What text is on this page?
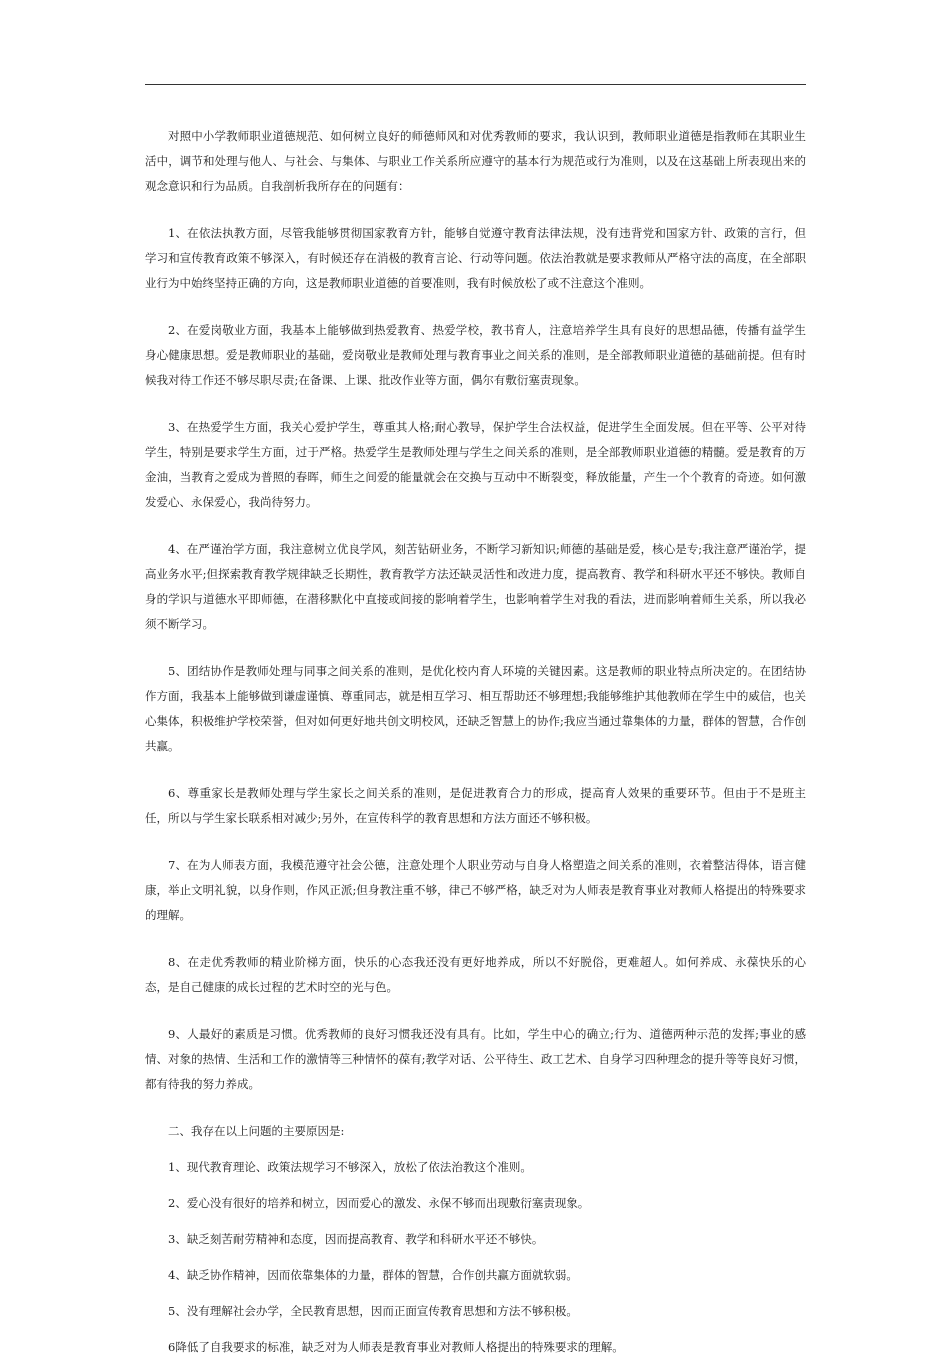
对照中小学教师职业道德规范、如何树立良好的师德师风和对优秀教师的要求，我认识到，教师职业道德是指教师在其职业生活中，调节和处理与他人、与社会、与集体、与职业工作关系所应遵守的基本行为规范或行为准则，以及在这基础上所表现出来的观念意识和行为品质。自我剖析我所存在的问题有：

1、在依法执教方面，尽管我能够贯彻国家教育方针，能够自觉遵守教育法律法规，没有违背党和国家方针、政策的言行，但学习和宣传教育政策不够深入，有时候还存在消极的教育言论、行动等问题。依法治教就是要求教师从严格守法的高度，在全部职业行为中始终坚持正确的方向，这是教师职业道德的首要准则，我有时候放松了或不注意这个准则。

2、在爱岗敬业方面，我基本上能够做到热爱教育、热爱学校，教书育人，注意培养学生具有良好的思想品德，传播有益学生身心健康思想。爱是教师职业的基础，爱岗敬业是教师处理与教育事业之间关系的准则，是全部教师职业道德的基础前提。但有时候我对待工作还不够尽职尽责;在备课、上课、批改作业等方面，偶尔有敷衍塞责现象。

3、在热爱学生方面，我关心爱护学生，尊重其人格;耐心教导，保护学生合法权益，促进学生全面发展。但在平等、公平对待学生，特别是要求学生方面，过于严格。热爱学生是教师处理与学生之间关系的准则，是全部教师职业道德的精髓。爱是教育的万金油，当教育之爱成为普照的春晖，师生之间爱的能量就会在交换与互动中不断裂变，释放能量，产生一个个教育的奇迹。如何激发爱心、永保爱心，我尚待努力。

4、在严谨治学方面，我注意树立优良学风，刻苦钻研业务，不断学习新知识;师德的基础是爱，核心是专;我注意严谨治学，提高业务水平;但探索教育教学规律缺乏长期性，教育教学方法还缺灵活性和改进力度，提高教育、教学和科研水平还不够快。教师自身的学识与道德水平即师德，在潜移默化中直接或间接的影响着学生，也影响着学生对我的看法，进而影响着师生关系，所以我必须不断学习。

5、团结协作是教师处理与同事之间关系的准则，是优化校内育人环境的关键因素。这是教师的职业特点所决定的。在团结协作方面，我基本上能够做到谦虚谨慎、尊重同志，就是相互学习、相互帮助还不够理想;我能够维护其他教师在学生中的威信，也关心集体，积极维护学校荣誉，但对如何更好地共创文明校风，还缺乏智慧上的协作;我应当通过靠集体的力量，群体的智慧，合作创共赢。

6、尊重家长是教师处理与学生家长之间关系的准则，是促进教育合力的形成，提高育人效果的重要环节。但由于不是班主任，所以与学生家长联系相对减少;另外，在宣传科学的教育思想和方法方面还不够积极。

7、在为人师表方面，我模范遵守社会公德，注意处理个人职业劳动与自身人格塑造之间关系的准则，衣着整洁得体，语言健康，举止文明礼貌，以身作则，作风正派;但身教注重不够，律己不够严格，缺乏对为人师表是教育事业对教师人格提出的特殊要求的理解。

8、在走优秀教师的精业阶梯方面，快乐的心态我还没有更好地养成，所以不好脱俗，更难超人。如何养成、永葆快乐的心态，是自己健康的成长过程的艺术时空的光与色。

9、人最好的素质是习惯。优秀教师的良好习惯我还没有具有。比如，学生中心的确立;行为、道德两种示范的发挥;事业的感情、对象的热情、生活和工作的激情等三种情怀的葆有;教学对话、公平待生、政工艺术、自身学习四种理念的提升等等良好习惯，都有待我的努力养成。

二、我存在以上问题的主要原因是:

1、现代教育理论、政策法规学习不够深入，放松了依法治教这个准则。

2、爱心没有很好的培养和树立，因而爱心的激发、永保不够而出现敷衍塞责现象。

3、缺乏刻苦耐劳精神和态度，因而提高教育、教学和科研水平还不够快。

4、缺乏协作精神，因而依靠集体的力量，群体的智慧，合作创共赢方面就软弱。

5、没有理解社会办学，全民教育思想，因而正面宣传教育思想和方法不够积极。

6降低了自我要求的标准，缺乏对为人师表是教育事业对教师人格提出的特殊要求的理解。
